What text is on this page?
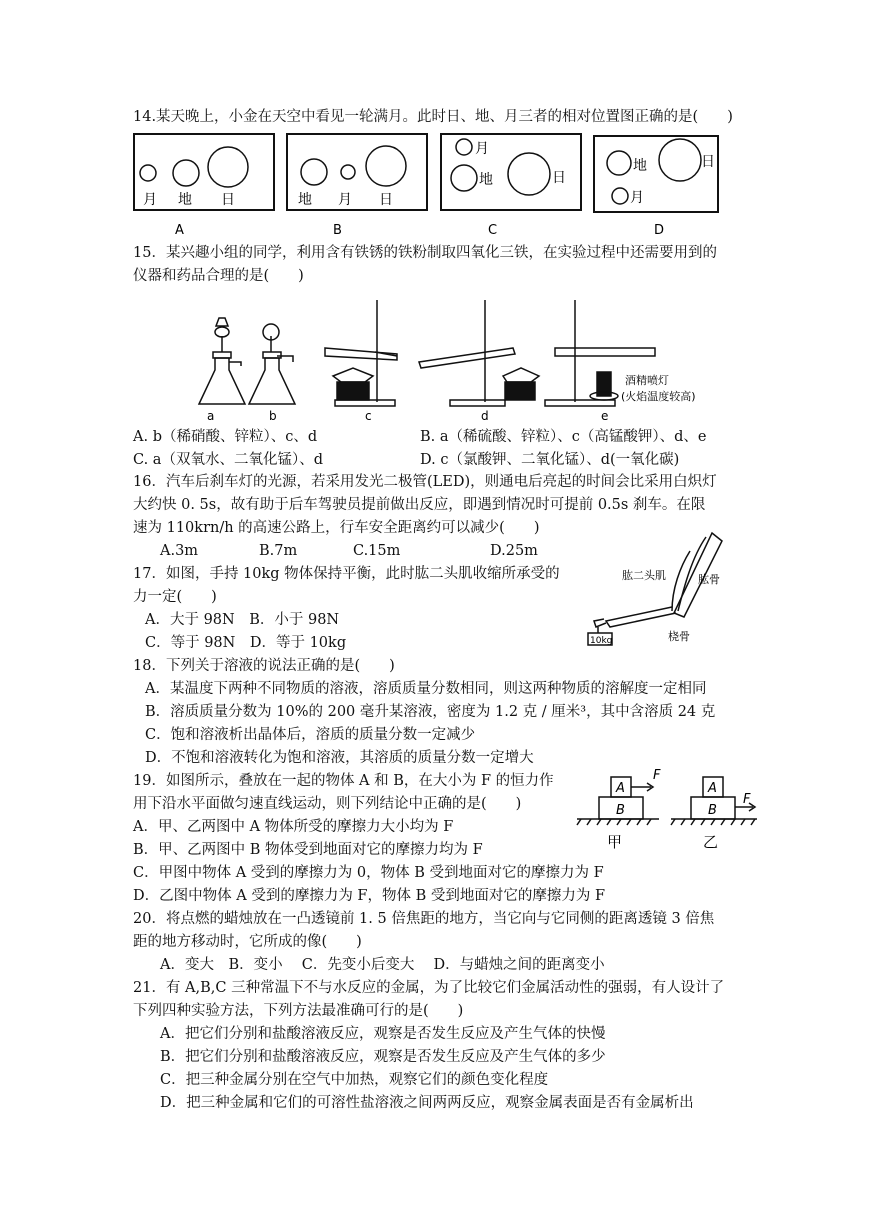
14.某天晚上，小金在天空中看见一轮满月。此时日、地、月三者的相对位置图正确的是(　　)
月 地 日
A
地 月 日
B
月
地	日
C
地
月
日
D
15．某兴趣小组的同学，利用含有铁锈的铁粉制取四氧化三铁，在实验过程中还需要用到的
仪器和药品合理的是(　　)
a	b	c	d	e
酒精喷灯
(火焰温度较高)
A. b（稀硝酸、锌粒）、c、d	B. a（稀硫酸、锌粒）、c（高锰酸钾）、d、e
C. a（双氧水、二氧化锰）、d	D. c（氯酸钾、二氧化锰）、d(一氧化碳)
16．汽车后刹车灯的光源，若采用发光二极管(LED)，则通电后亮起的时间会比采用白炽灯
大约快 0. 5s，故有助于后车驾驶员提前做出反应，即遇到情况时可提前 0.5s 刹车。在限
速为 110krn/h 的高速公路上，行车安全距离约可以减少(　　)
A.3m	B.7m	C.15m	D.25m
17．如图，手持 10kg 物体保持平衡，此时肱二头肌收缩所承受的
力一定(　　)
A．大于 98N　B．小于 98N
C．等于 98N　D．等于 10kg
肱二头肌	肱骨
桡骨
10kg
18．下列关于溶液的说法正确的是(　　)
A．某温度下两种不同物质的溶液，溶质质量分数相同，则这两种物质的溶解度一定相同
B．溶质质量分数为 10%的 200 毫升某溶液，密度为 1.2 克 / 厘米³，其中含溶质 24 克
C．饱和溶液析出晶体后，溶质的质量分数一定减少
D．不饱和溶液转化为饱和溶液，其溶质的质量分数一定增大
19．如图所示，叠放在一起的物体 A 和 B，在大小为 F 的恒力作
用下沿水平面做匀速直线运动，则下列结论中正确的是(　　)
A．甲、乙两图中 A 物体所受的摩擦力大小均为 F
B．甲、乙两图中 B 物体受到地面对它的摩擦力均为 F
C．甲图中物体 A 受到的摩擦力为 0，物体 B 受到地面对它的摩擦力为 F
D．乙图中物体 A 受到的摩擦力为 F，物体 B 受到地面对它的摩擦力为 F
A
B
F
A
B
F
甲	乙
20．将点燃的蜡烛放在一凸透镜前 1. 5 倍焦距的地方，当它向与它同侧的距离透镜 3 倍焦
距的地方移动时，它所成的像(　　)
A．变大　B．变小　 C．先变小后变大　 D．与蜡烛之间的距离变小
21．有 A,B,C 三种常温下不与水反应的金属，为了比较它们金属活动性的强弱，有人设计了
下列四种实验方法，下列方法最准确可行的是(　　)
A．把它们分别和盐酸溶液反应，观察是否发生反应及产生气体的快慢
B．把它们分别和盐酸溶液反应，观察是否发生反应及产生气体的多少
C．把三种金属分别在空气中加热，观察它们的颜色变化程度
D．把三种金属和它们的可溶性盐溶液之间两两反应，观察金属表面是否有金属析出
